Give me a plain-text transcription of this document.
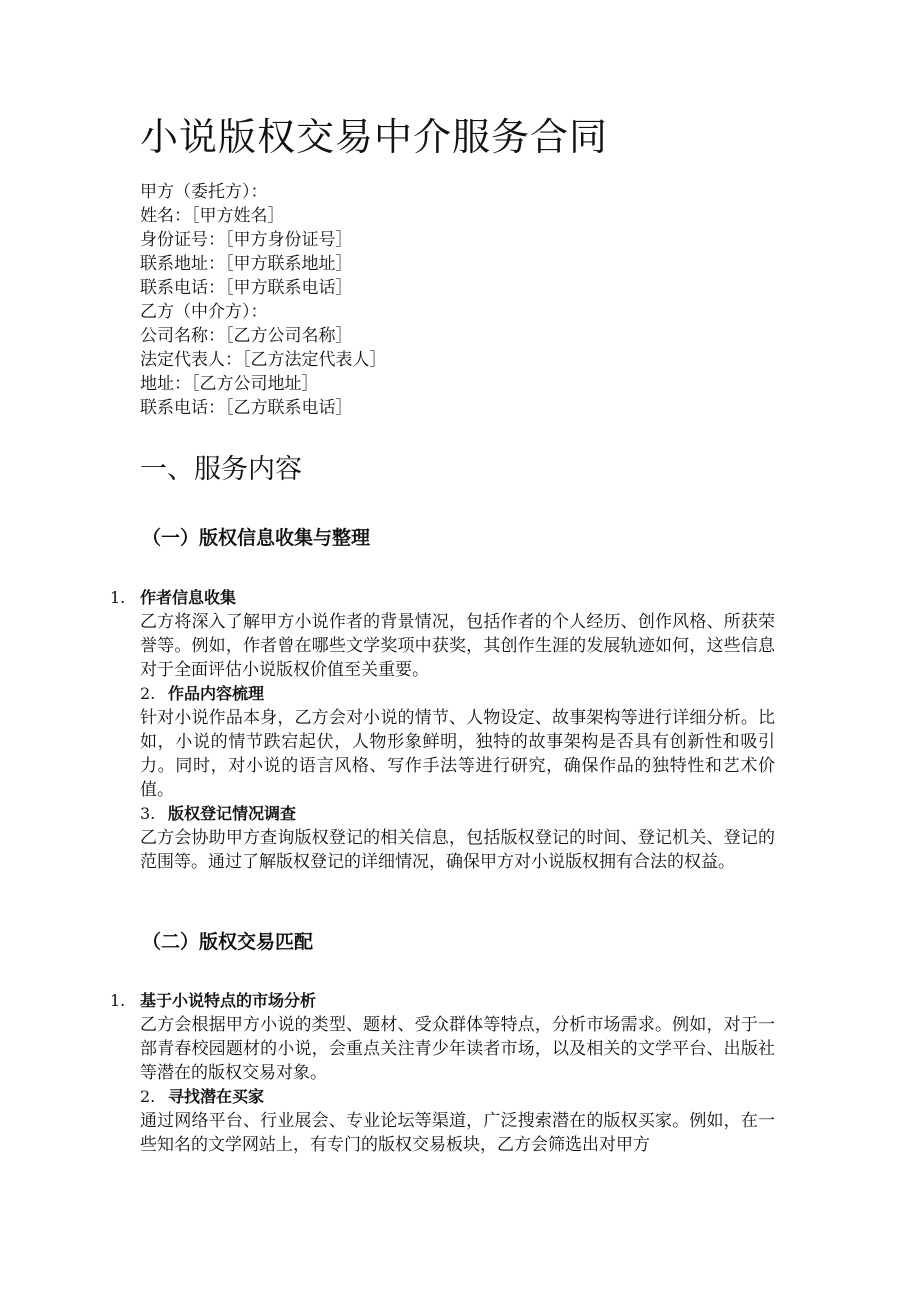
小说版权交易中介服务合同
甲方（委托方）：
姓名：［甲方姓名］
身份证号：［甲方身份证号］
联系地址：［甲方联系地址］
联系电话：［甲方联系电话］
乙方（中介方）：
公司名称：［乙方公司名称］
法定代表人：［乙方法定代表人］
地址：［乙方公司地址］
联系电话：［乙方联系电话］
一、服务内容
（一）版权信息收集与整理
1. 作者信息收集
乙方将深入了解甲方小说作者的背景情况，包括作者的个人经历、创作风格、所获荣誉等。例如，作者曾在哪些文学奖项中获奖，其创作生涯的发展轨迹如何，这些信息对于全面评估小说版权价值至关重要。
2. 作品内容梳理
针对小说作品本身，乙方会对小说的情节、人物设定、故事架构等进行详细分析。比如，小说的情节跌宕起伏，人物形象鲜明，独特的故事架构是否具有创新性和吸引力。同时，对小说的语言风格、写作手法等进行研究，确保作品的独特性和艺术价值。
3. 版权登记情况调查
乙方会协助甲方查询版权登记的相关信息，包括版权登记的时间、登记机关、登记的范围等。通过了解版权登记的详细情况，确保甲方对小说版权拥有合法的权益。
（二）版权交易匹配
1. 基于小说特点的市场分析
乙方会根据甲方小说的类型、题材、受众群体等特点，分析市场需求。例如，对于一部青春校园题材的小说，会重点关注青少年读者市场，以及相关的文学平台、出版社等潜在的版权交易对象。
2. 寻找潜在买家
通过网络平台、行业展会、专业论坛等渠道，广泛搜索潜在的版权买家。例如，在一些知名的文学网站上，有专门的版权交易板块，乙方会筛选出对甲方
